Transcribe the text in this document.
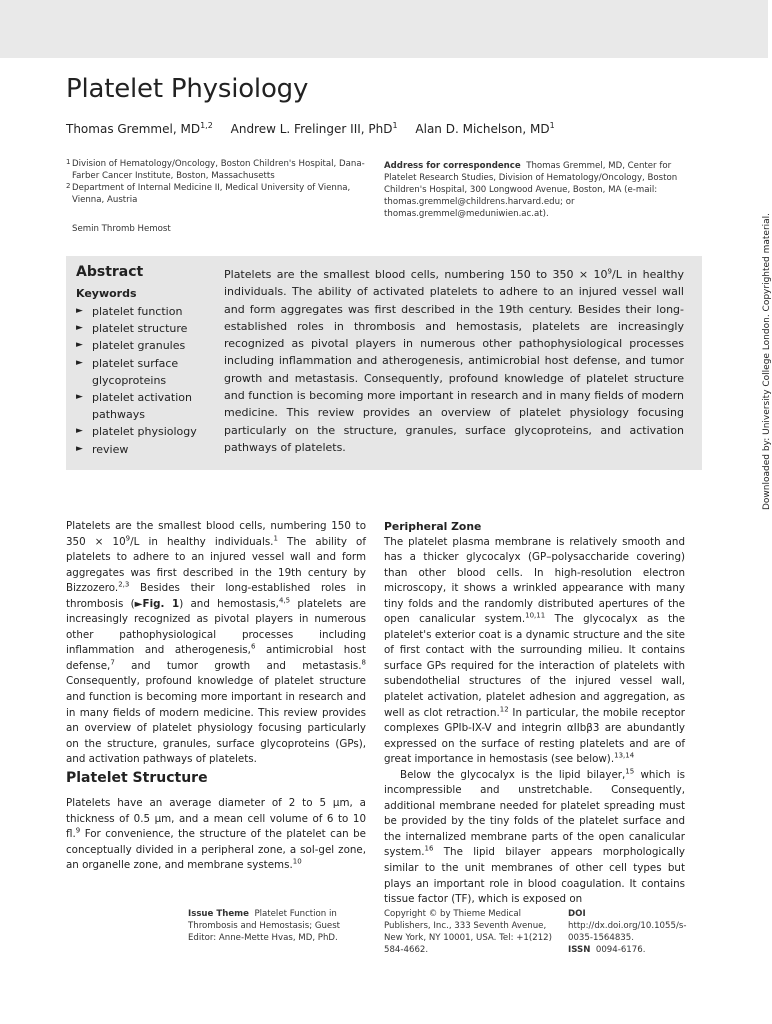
Platelet Physiology
Thomas Gremmel, MD$^{1,2}$ Andrew L. Frelinger III, PhD$^1$ Alan D. Michelson, $MD^1$
1 Division of Hematology/Oncology, Boston Children's Hospital, Dana-Farber Cancer Institute, Boston, Massachusetts
2 Department of Internal Medicine II, Medical University of Vienna, Vienna, Austria
Address for correspondence Thomas Gremmel, MD, Center for Platelet Research Studies, Division of Hematology/Oncology, Boston Children's Hospital, 300 Longwood Avenue, Boston, MA (e-mail: thomas.gremmel@childrens.harvard.edu; or thomas.gremmel@meduniwien.ac.at).
Semin Thromb Hemost
Abstract
Keywords
► platelet function
► platelet structure
► platelet granules
► platelet surface glycoproteins
► platelet activation pathways
► platelet physiology
► review

Platelets are the smallest blood cells, numbering 150 to $350 \times 10^9/L$ in healthy individuals. The ability of activated platelets to adhere to an injured vessel wall and form aggregates was first described in the 19th century. Besides their long-established roles in thrombosis and hemostasis, platelets are increasingly recognized as pivotal players in numerous other pathophysiological processes including inflammation and atherogenesis, antimicrobial host defense, and tumor growth and metastasis. Consequently, profound knowledge of platelet structure and function is becoming more important in research and in many fields of modern medicine. This review provides an overview of platelet physiology focusing particularly on the structure, granules, surface glycoproteins, and activation pathways of platelets.

Platelets are the smallest blood cells, numbering 150 to $350 \times 10^9/L$ in healthy individuals.$^1$ The ability of platelets to adhere to an injured vessel wall and form aggregates was first described in the 19th century by Bizzozero.$^{2,3}$ Besides their long-established roles in thrombosis (►Fig. 1) and hemostasis,$^{4,5}$ platelets are increasingly recognized as pivotal players in numerous other pathophysiological processes including inflammation and atherogenesis,$^6$ antimicrobial host defense,$^7$ and tumor growth and metastasis.$^8$ Consequently, profound knowledge of platelet structure and function is becoming more important in research and in many fields of modern medicine. This review provides an overview of platelet physiology focusing particularly on the structure, granules, surface glycoproteins (GPs), and activation pathways of platelets.

Platelet Structure

Platelets have an average diameter of 2 to 5 µm, a thickness of 0.5 µm, and a mean cell volume of 6 to 10 fl.$^9$ For convenience, the structure of the platelet can be conceptually divided in a peripheral zone, a sol-gel zone, an organelle zone, and membrane systems.$^{10}$

Peripheral Zone

The platelet plasma membrane is relatively smooth and has a thicker glycocalyx (GP–polysaccharide covering) than other blood cells. In high-resolution electron microscopy, it shows a wrinkled appearance with many tiny folds and the randomly distributed apertures of the open canalicular system.$^{10,11}$ The glycocalyx as the platelet's exterior coat is a dynamic structure and the site of first contact with the surrounding milieu. It contains surface GPs required for the interaction of platelets with subendothelial structures of the injured vessel wall, platelet activation, platelet adhesion and aggregation, as well as clot retraction.$^{12}$ In particular, the mobile receptor complexes GPIb-IX-V and integrin αIIbβ3 are abundantly expressed on the surface of resting platelets and are of great importance in hemostasis (see below).$^{13,14}$

Below the glycocalyx is the lipid bilayer,$^{15}$ which is incompressible and unstretchable. Consequently, additional membrane needed for platelet spreading must be provided by the tiny folds of the platelet surface and the internalized membrane parts of the open canalicular system.$^{16}$ The lipid bilayer appears morphologically similar to the unit membranes of other cell types but plays an important role in blood coagulation. It contains tissue factor (TF), which is exposed on

Issue Theme Platelet Function in Thrombosis and Hemostasis; Guest Editor: Anne-Mette Hvas, MD, PhD.
Copyright © by Thieme Medical Publishers, Inc., 333 Seventh Avenue, New York, NY 10001, USA. Tel: +1(212) 584-4662.
DOI  http://dx.doi.org/10.1055/s-0035-1564835.
ISSN 0094-6176.
Downloaded by: University College London. Copyrighted material.
